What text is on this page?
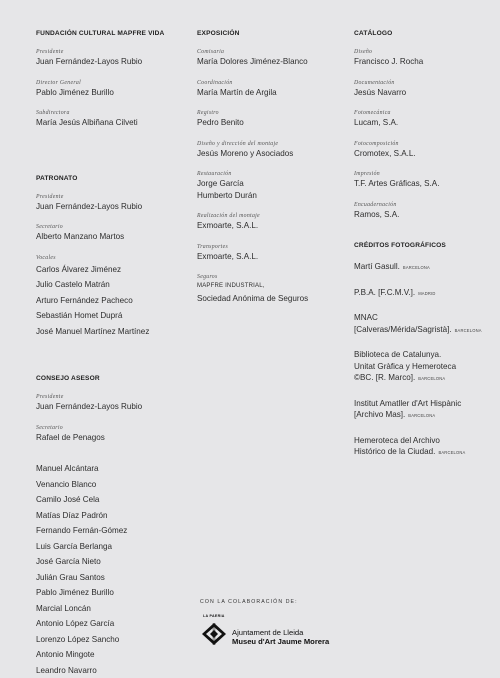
FUNDACIÓN CULTURAL MAPFRE VIDA
Presidente
Juan Fernández-Layos Rubio
Director General
Pablo Jiménez Burillo
Subdirectora
María Jesús Albiñana Cilveti
PATRONATO
Presidente
Juan Fernández-Layos Rubio
Secretario
Alberto Manzano Martos
Vocales
Carlos Álvarez Jiménez
Julio Castelo Matrán
Arturo Fernández Pacheco
Sebastián Homet Duprá
José Manuel Martínez Martínez
CONSEJO ASESOR
Presidente
Juan Fernández-Layos Rubio
Secretario
Rafael de Penagos
Manuel Alcántara
Venancio Blanco
Camilo José Cela
Matías Díaz Padrón
Fernando Fernán-Gómez
Luis García Berlanga
José García Nieto
Julián Grau Santos
Pablo Jiménez Burillo
Marcial Loncán
Antonio López García
Lorenzo López Sancho
Antonio Mingote
Leandro Navarro
EXPOSICIÓN
Comisaria
María Dolores Jiménez-Blanco
Coordinación
María Martín de Argila
Registro
Pedro Benito
Diseño y dirección del montaje
Jesús Moreno y Asociados
Restauración
Jorge García
Humberto Durán
Realización del montaje
Exmoarte, S.A.L.
Transportes
Exmoarte, S.A.L.
Seguros
MAPFRE INDUSTRIAL,
Sociedad Anónima de Seguros
CATÁLOGO
Diseño
Francisco J. Rocha
Documentación
Jesús Navarro
Fotomecánica
Lucam, S.A.
Fotocomposición
Cromotex, S.A.L.
Impresión
T.F. Artes Gráficas, S.A.
Encuadernación
Ramos, S.A.
CRÉDITOS FOTOGRÁFICOS
Martí Gasull. BARCELONA
P.B.A. [F.C.M.V.]. MADRID
MNAC
[Calveras/Mérida/Sagristà]. BARCELONA
Biblioteca de Catalunya.
Unitat Gràfica y Hemeroteca
©BC. [R. Marco]. BARCELONA
Institut Amatller d'Art Hispànic
[Archivo Mas]. BARCELONA
Hemeroteca del Archivo
Histórico de la Ciudad. BARCELONA
CON LA COLABORACIÓN DE:
LA PAERIA
Ajuntament de Lleida
Museu d'Art Jaume Morera
